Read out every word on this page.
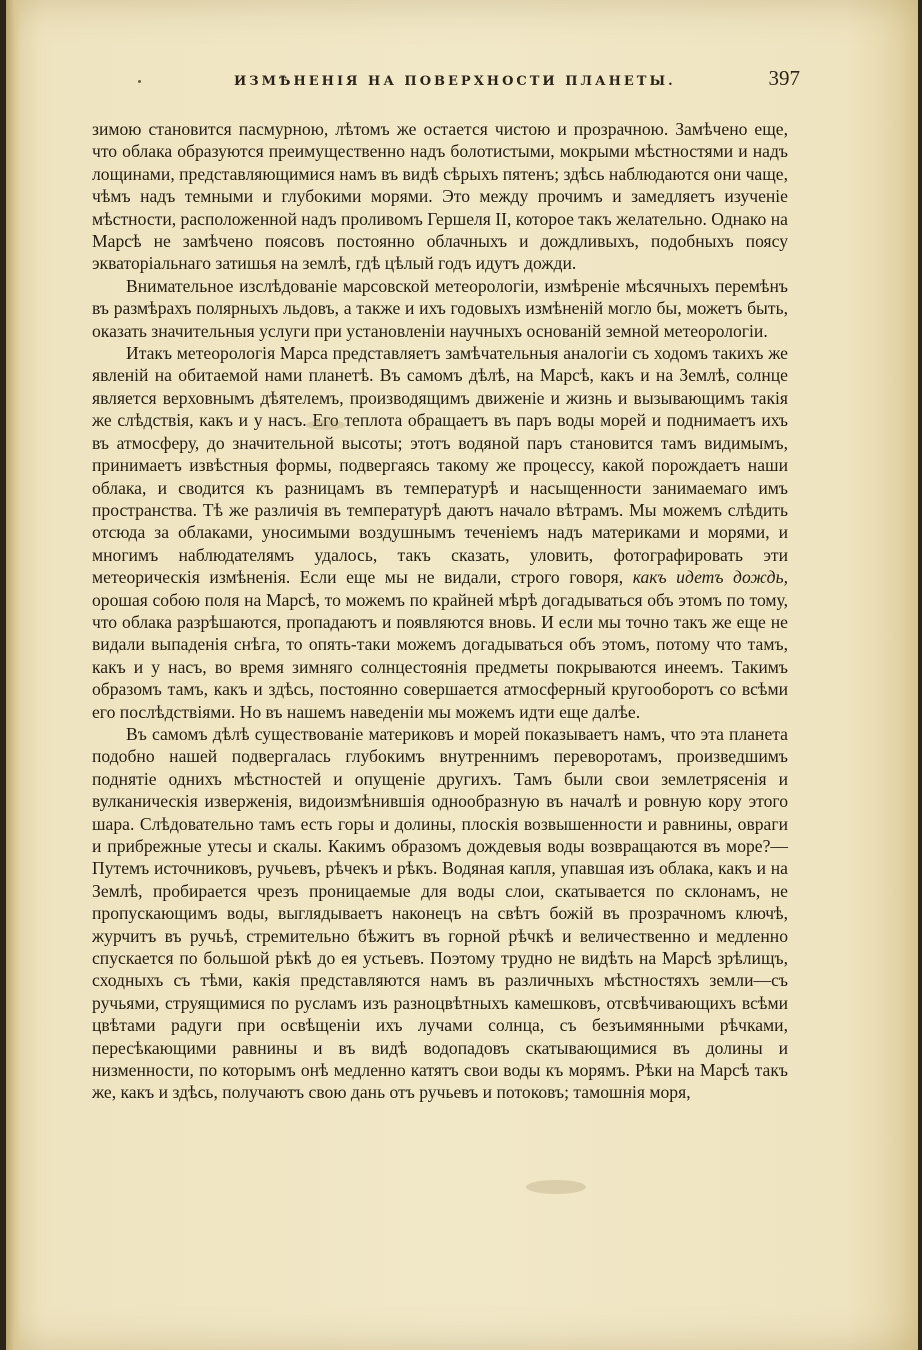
ИЗМѢНЕНІЯ НА ПОВЕРХНОСТИ ПЛАНЕТЫ.	397

зимою становится пасмурною, лѣтомъ же остается чистою и прозрачною. Замѣчено еще, что облака образуются преимущественно надъ болотистыми, мокрыми мѣстностями и надъ лощинами, представляющимися намъ въ видѣ сѣрыхъ пятенъ; здѣсь наблюдаются они чаще, чѣмъ надъ темными и глубокими морями. Это между прочимъ и замедляетъ изученіе мѣстности, расположенной надъ проливомъ Гершеля II, которое такъ желательно. Однако на Марсѣ не замѣчено поясовъ постоянно облачныхъ и дождливыхъ, подобныхъ поясу экваторіальнаго затишья на землѣ, гдѣ цѣлый годъ идутъ дожди.

Внимательное изслѣдованіе марсовской метеорологіи, измѣреніе мѣсячныхъ перемѣнъ въ размѣрахъ полярныхъ льдовъ, а также и ихъ годовыхъ измѣненій могло бы, можетъ быть, оказать значительныя услуги при установленіи научныхъ основаній земной метеорологіи.

Итакъ метеорологія Марса представляетъ замѣчательныя аналогіи съ ходомъ такихъ же явленій на обитаемой нами планетѣ. Въ самомъ дѣлѣ, на Марсѣ, какъ и на Землѣ, солнце является верховнымъ дѣятелемъ, производящимъ движеніе и жизнь и вызывающимъ такія же слѣдствія, какъ и у насъ. Его теплота обращаетъ въ паръ воды морей и поднимаетъ ихъ въ атмосферу, до значительной высоты; этотъ водяной паръ становится тамъ видимымъ, принимаетъ извѣстныя формы, подвергаясь такому же процессу, какой порождаетъ наши облака, и сводится къ разницамъ въ температурѣ и насыщенности занимаемаго имъ пространства. Тѣ же различія въ температурѣ даютъ начало вѣтрамъ. Мы можемъ слѣдить отсюда за облаками, уносимыми воздушнымъ теченіемъ надъ материками и морями, и многимъ наблюдателямъ удалось, такъ сказать, уловить, фотографировать эти метеорическія измѣненія. Если еще мы не видали, строго говоря, какъ идетъ дождь, орошая собою поля на Марсѣ, то можемъ по крайней мѣрѣ догадываться объ этомъ по тому, что облака разрѣшаются, пропадаютъ и появляются вновь. И если мы точно такъ же еще не видали выпаденія снѣга, то опять-таки можемъ догадываться объ этомъ, потому что тамъ, какъ и у насъ, во время зимняго солнцестоянія предметы покрываются инеемъ. Такимъ образомъ тамъ, какъ и здѣсь, постоянно совершается атмосферный кругооборотъ со всѣми его послѣдствіями. Но въ нашемъ наведеніи мы можемъ идти еще далѣе.

Въ самомъ дѣлѣ существованіе материковъ и морей показываетъ намъ, что эта планета подобно нашей подвергалась глубокимъ внутреннимъ переворотамъ, произведшимъ поднятіе однихъ мѣстностей и опущеніе другихъ. Тамъ были свои землетрясенія и вулканическія изверженія, видоизмѣнившія однообразную въ началѣ и ровную кору этого шара. Слѣдовательно тамъ есть горы и долины, плоскія возвышенности и равнины, овраги и прибрежные утесы и скалы. Какимъ образомъ дождевыя воды возвращаются въ море?—Путемъ источниковъ, ручьевъ, рѣчекъ и рѣкъ. Водяная капля, упавшая изъ облака, какъ и на Землѣ, пробирается чрезъ проницаемые для воды слои, скатывается по склонамъ, не пропускающимъ воды, выглядываетъ наконецъ на свѣтъ божій въ прозрачномъ ключѣ, журчитъ въ ручьѣ, стремительно бѣжитъ въ горной рѣчкѣ и величественно и медленно спускается по большой рѣкѣ до ея устьевъ. Поэтому трудно не видѣть на Марсѣ зрѣлищъ, сходныхъ съ тѣми, какія представляются намъ въ различныхъ мѣстностяхъ земли—съ ручьями, струящимися по русламъ изъ разноцвѣтныхъ камешковъ, отсвѣчивающихъ всѣми цвѣтами радуги при освѣщеніи ихъ лучами солнца, съ безъимянными рѣчками, пересѣкающими равнины и въ видѣ водопадовъ скатывающимися въ долины и низменности, по которымъ онѣ медленно катятъ свои воды къ морямъ. Рѣки на Марсѣ такъ же, какъ и здѣсь, получаютъ свою дань отъ ручьевъ и потоковъ; тамошнія моря,
